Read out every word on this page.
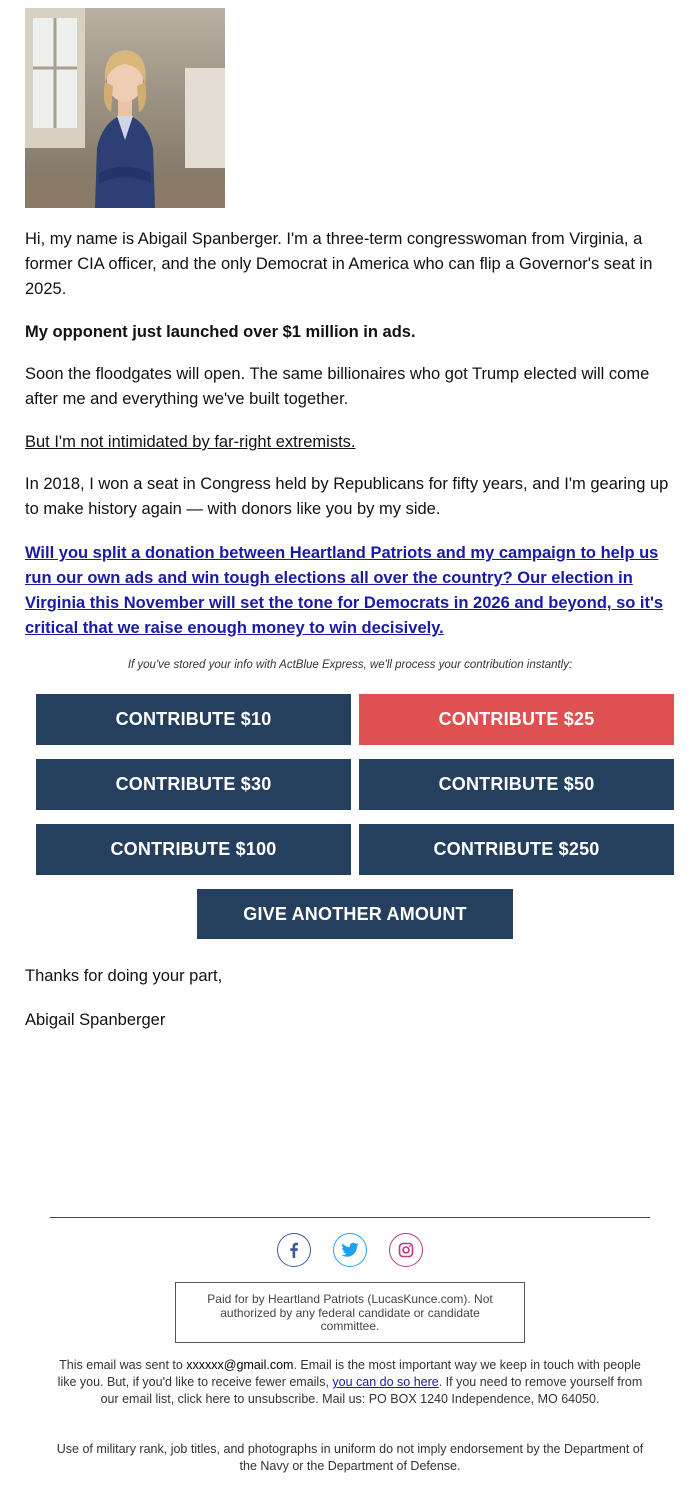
Hi, my name is Abigail Spanberger. I'm a three-term congresswoman from Virginia, a former CIA officer, and the only Democrat in America who can flip a Governor's seat in 2025.
My opponent just launched over $1 million in ads.
Soon the floodgates will open. The same billionaires who got Trump elected will come after me and everything we've built together.
But I'm not intimidated by far-right extremists.
In 2018, I won a seat in Congress held by Republicans for fifty years, and I'm gearing up to make history again — with donors like you by my side.
Will you split a donation between Heartland Patriots and my campaign to help us run our own ads and win tough elections all over the country? Our election in Virginia this November will set the tone for Democrats in 2026 and beyond, so it's critical that we raise enough money to win decisively.
If you've stored your info with ActBlue Express, we'll process your contribution instantly:
CONTRIBUTE $10	CONTRIBUTE $25
CONTRIBUTE $30	CONTRIBUTE $50
CONTRIBUTE $100	CONTRIBUTE $250
GIVE ANOTHER AMOUNT
Thanks for doing your part,
Abigail Spanberger
Paid for by Heartland Patriots (LucasKunce.com). Not authorized by any federal candidate or candidate committee.
This email was sent to xxxxxx@gmail.com. Email is the most important way we keep in touch with people like you. But, if you'd like to receive fewer emails, you can do so here. If you need to remove yourself from our email list, click here to unsubscribe. Mail us: PO BOX 1240 Independence, MO 64050.
Use of military rank, job titles, and photographs in uniform do not imply endorsement by the Department of the Navy or the Department of Defense.
